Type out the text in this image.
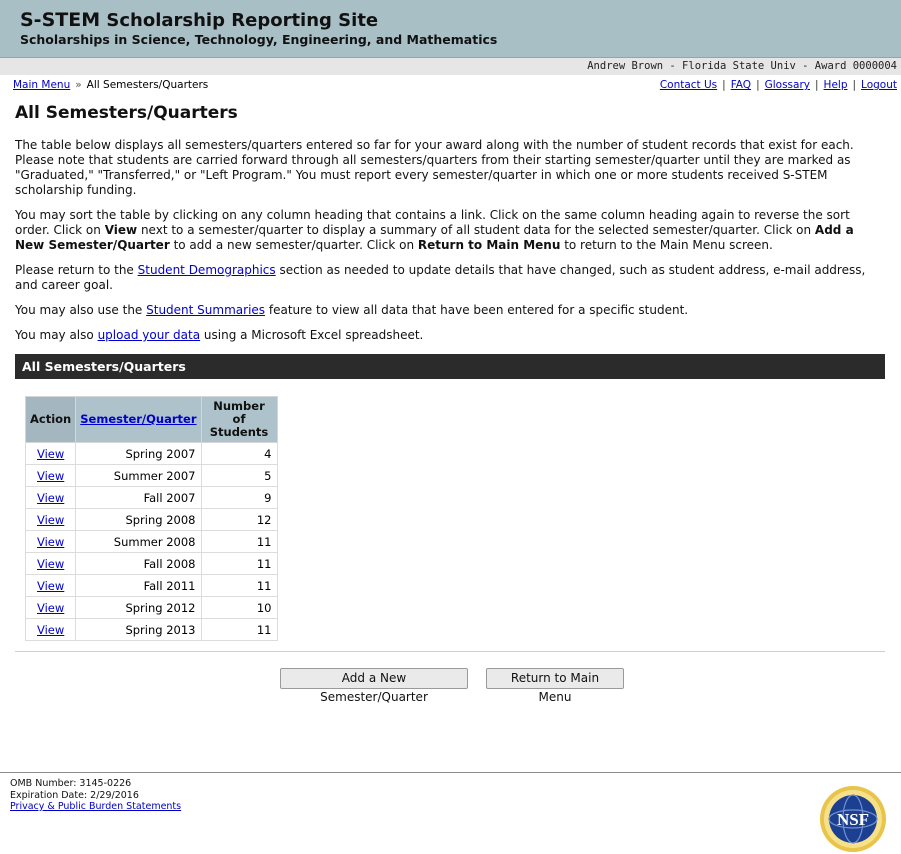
S-STEM Scholarship Reporting Site
Scholarships in Science, Technology, Engineering, and Mathematics
Andrew Brown - Florida State Univ - Award 0000004
Main Menu » All Semesters/Quarters	Contact Us | FAQ | Glossary | Help | Logout
All Semesters/Quarters

The table below displays all semesters/quarters entered so far for your award along with the number of student records that exist for each. Please note that students are carried forward through all semesters/quarters from their starting semester/quarter until they are marked as "Graduated," "Transferred," or "Left Program." You must report every semester/quarter in which one or more students received S-STEM scholarship funding.

You may sort the table by clicking on any column heading that contains a link. Click on the same column heading again to reverse the sort order. Click on View next to a semester/quarter to display a summary of all student data for the selected semester/quarter. Click on Add a New Semester/Quarter to add a new semester/quarter. Click on Return to Main Menu to return to the Main Menu screen.

Please return to the Student Demographics section as needed to update details that have changed, such as student address, e-mail address, and career goal.

You may also use the Student Summaries feature to view all data that have been entered for a specific student.

You may also upload your data using a Microsoft Excel spreadsheet.

All Semesters/Quarters
Action	Semester/Quarter	Number of
Students
View	Spring 2007	4
View	Summer 2007	5
View	Fall 2007	9
View	Spring 2008	12
View	Summer 2008	11
View	Fall 2008	11
View	Fall 2011	11
View	Spring 2012	10
View	Spring 2013	11
Add a New Semester/Quarter
Return to Main Menu
OMB Number: 3145-0226
Expiration Date: 2/29/2016
Privacy & Public Burden Statements
NSF
